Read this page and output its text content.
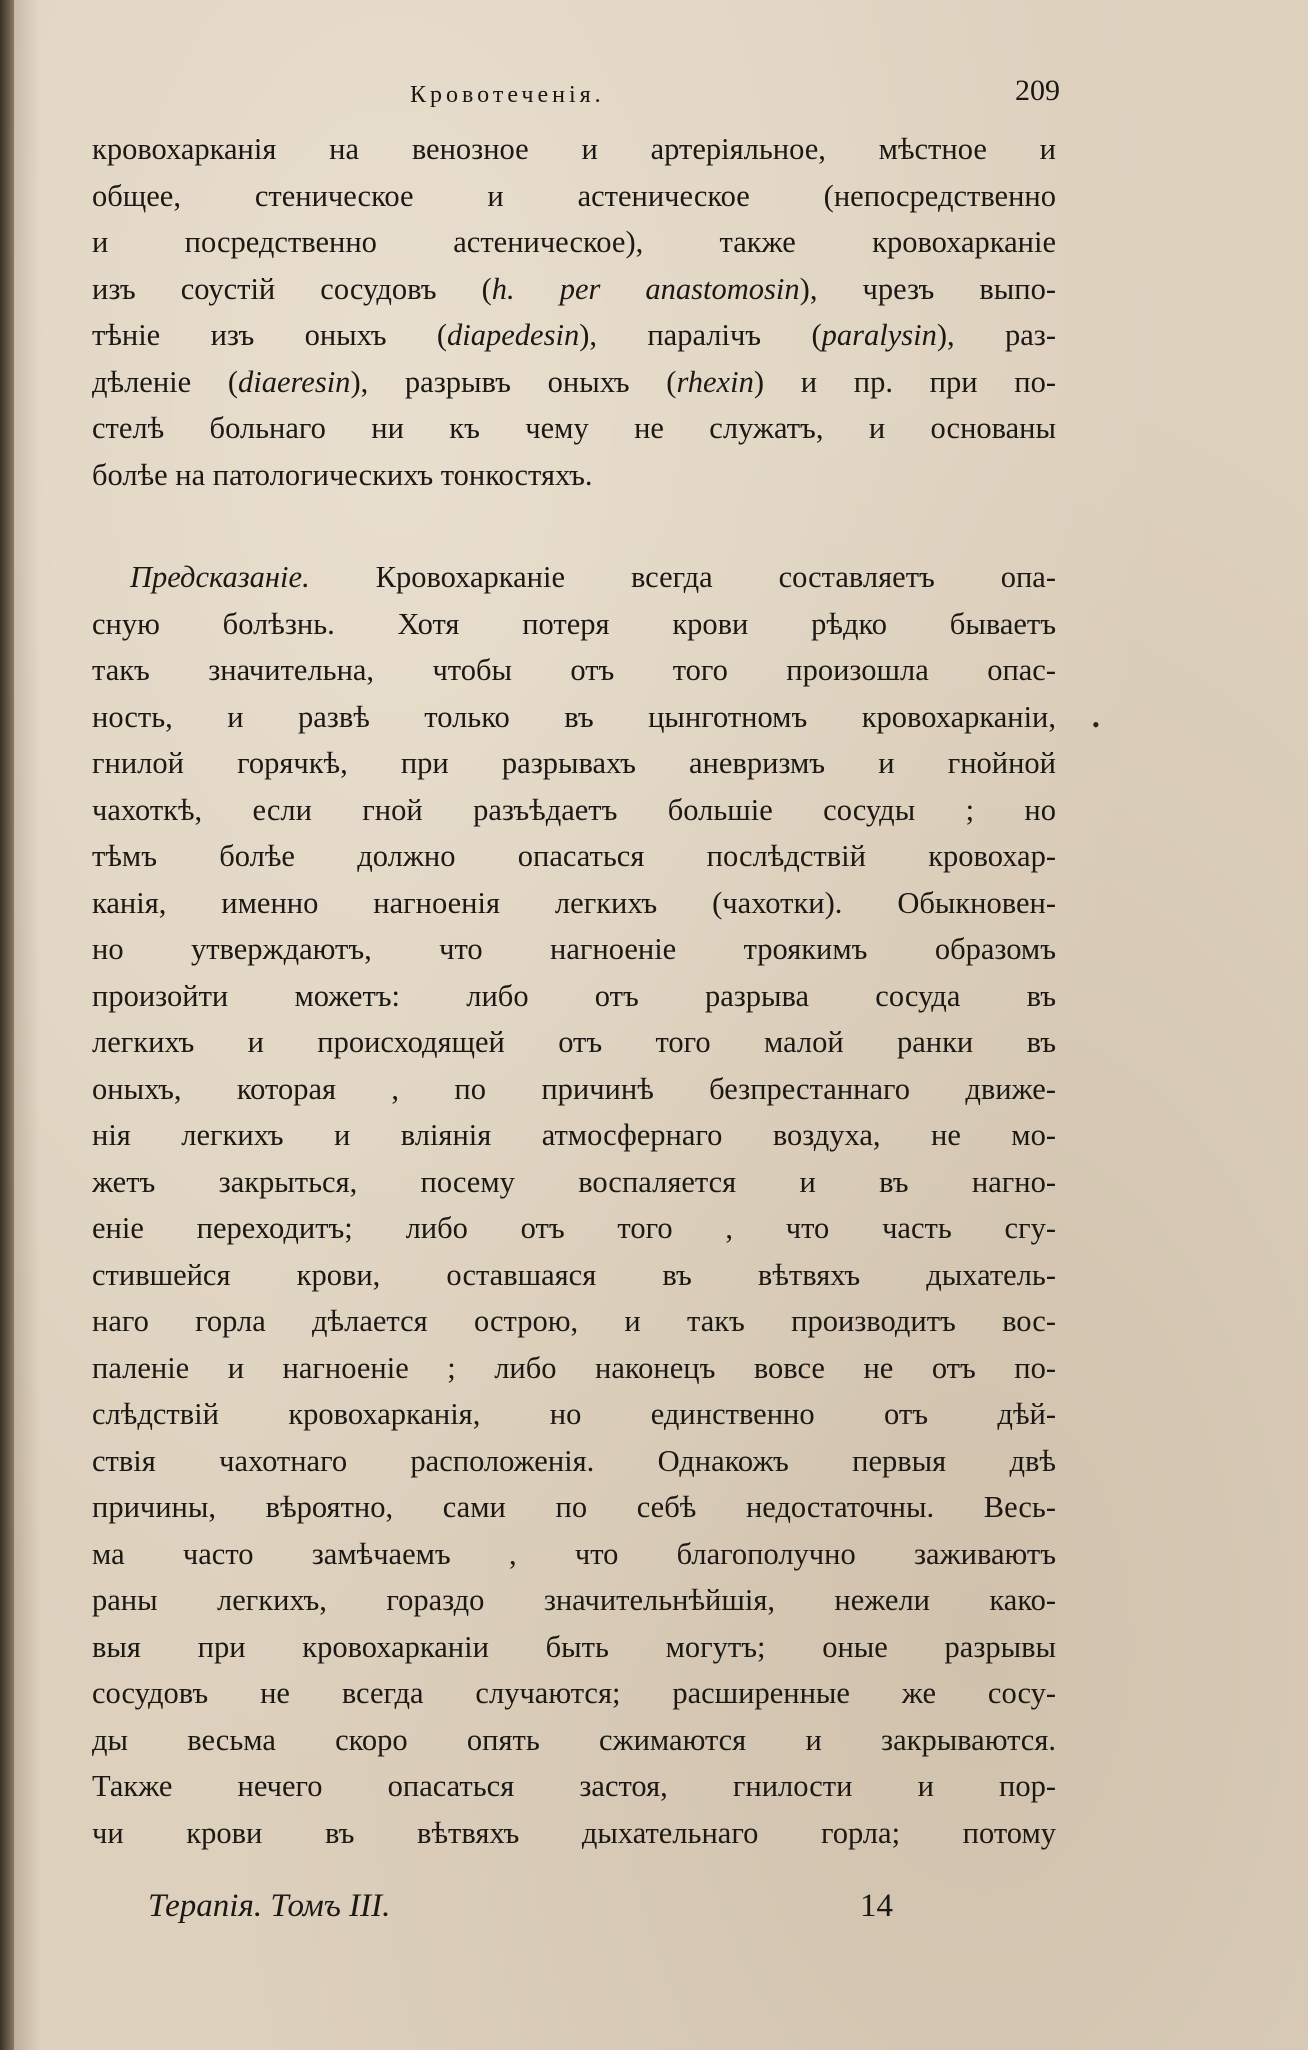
Кровотеченія.	209
кровохарканія на венозное и артеріяльное, мѣстное и
общее, стеническое и астеническое (непосредственно
и посредственно астеническое), также кровохарканіе
изъ соустій сосудовъ (h. per anastomosin), чрезъ выпо-
тѣніе изъ оныхъ (diapedesin), паралічъ (paralysin), раз-
дѣленіе (diaeresin), разрывъ оныхъ (rhexin) и пр. при по-
стелѣ больнаго ни къ чему не служатъ, и основаны
болѣе на патологическихъ тонкостяхъ.
Предсказаніе. Кровохарканіе всегда составляетъ опа-
сную болѣзнь. Хотя потеря крови рѣдко бываетъ
такъ значительна, чтобы отъ того произошла опас-
ность, и развѣ только въ цынготномъ кровохарканіи,
гнилой горячкѣ, при разрывахъ аневризмъ и гнойной
чахоткѣ, если гной разъѣдаетъ большіе сосуды ; но
тѣмъ болѣе должно опасаться послѣдствій кровохар-
канія, именно нагноенія легкихъ (чахотки). Обыкновен-
но утверждаютъ, что нагноеніе троякимъ образомъ
произойти можетъ: либо отъ разрыва сосуда въ
легкихъ и происходящей отъ того малой ранки въ
оныхъ, которая , по причинѣ безпрестаннаго движе-
нія легкихъ и вліянія атмосфернаго воздуха, не мо-
жетъ закрыться, посему воспаляется и въ нагно-
еніе переходитъ; либо отъ того , что часть сгу-
стившейся крови, оставшаяся въ вѣтвяхъ дыхатель-
наго горла дѣлается острою, и такъ производитъ вос-
паленіе и нагноеніе ; либо наконецъ вовсе не отъ по-
слѣдствій кровохарканія, но единственно отъ дѣй-
ствія чахотнаго расположенія. Однакожъ первыя двѣ
причины, вѣроятно, сами по себѣ недостаточны. Весь-
ма часто замѣчаемъ , что благополучно заживаютъ
раны легкихъ, гораздо значительнѣйшія, нежели како-
выя при кровохарканіи быть могутъ; оные разрывы
сосудовъ не всегда случаются; расширенные же сосу-
ды весьма скоро опять сжимаются и закрываются.
Также нечего опасаться застоя, гнилости и пор-
чи крови въ вѣтвяхъ дыхательнаго горла; потому
•
Терапія. Томъ III.	14
